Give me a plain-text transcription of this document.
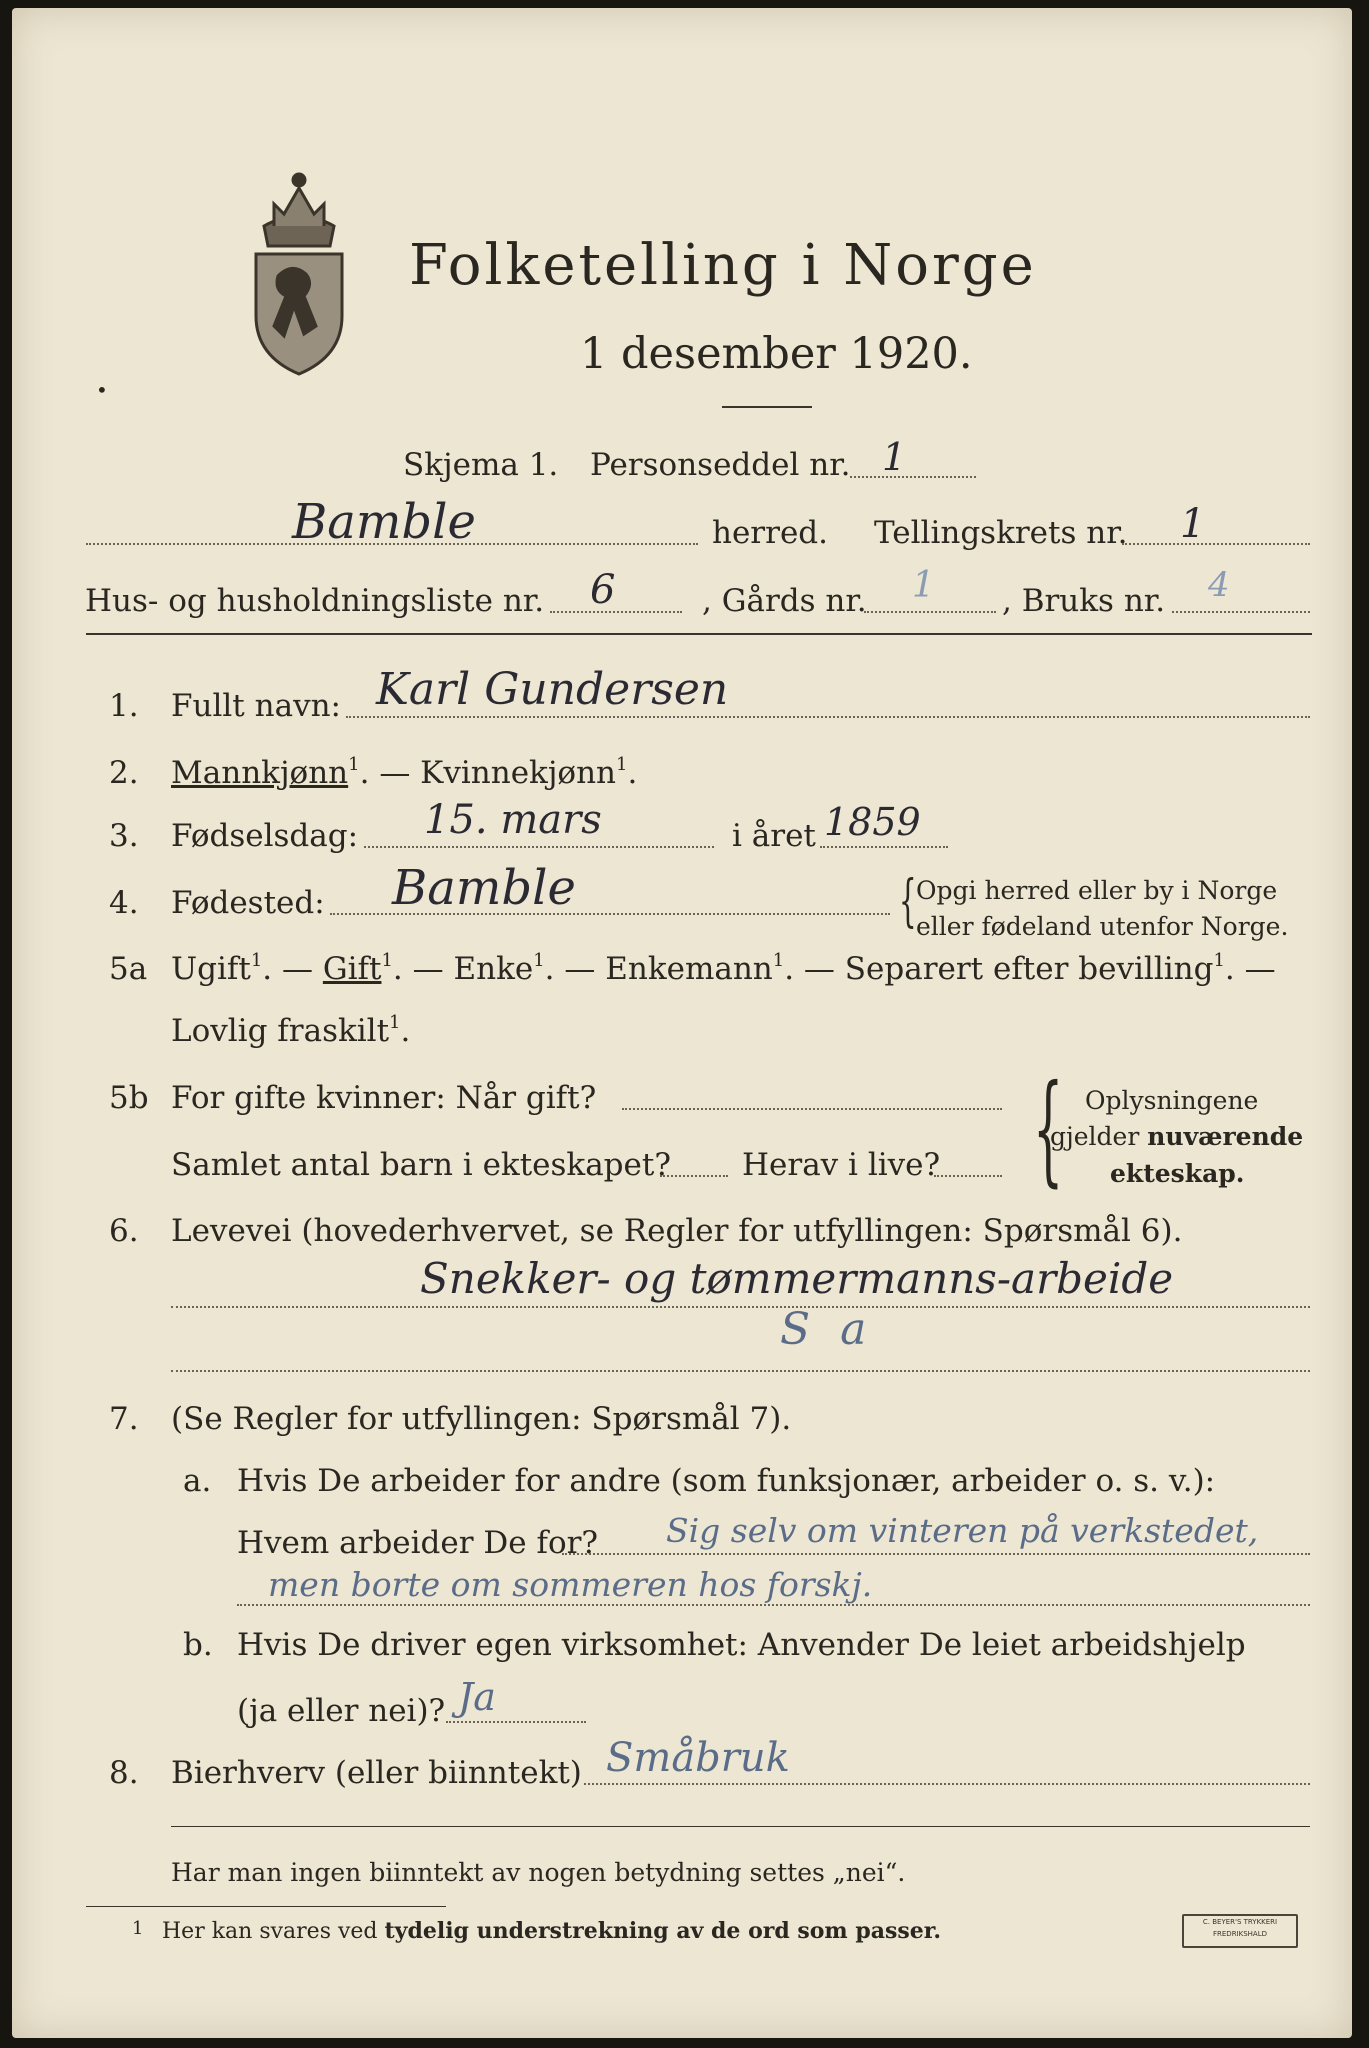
Folketelling i Norge
1 desember 1920.
•
Skjema 1. Personseddel nr. 1
Bamble	herred. Tellingskrets nr. 1
Hus- og husholdningsliste nr. 6	, Gårds nr. 1 , Bruks nr. 4
1. Fullt navn: Karl Gundersen
2. Mannkjønn$^1$. — Kvinnekjønn$^1$.
3. Fødselsdag: 15. mars	i året 1859
4. Fødested: Bamble	{ Opgi herred eller by i Norge
eller fødeland utenfor Norge.
5a Ugift$^1$. — Gift$^1$. — Enke$^1$. — Enkemann$^1$. — Separert efter bevilling$^1$. —
Lovlig fraskilt$^1$.
5b For gifte kvinner: Når gift?
Samlet antal barn i ekteskapet? Herav i live? { Oplysningene
gjelder nuværende
ekteskap.
6. Levevei (hovederhvervet, se Regler for utfyllingen: Spørsmål 6).
Snekker- og tømmermanns-arbeide
S a
7. (Se Regler for utfyllingen: Spørsmål 7).
a. Hvis De arbeider for andre (som funksjonær, arbeider o. s. v.):
Hvem arbeider De for? Sig selv om vinteren på verkstedet,
men borte om sommeren hos forskj.
b. Hvis De driver egen virksomhet: Anvender De leiet arbeidshjelp
(ja eller nei)? Ja
8. Bierhverv (eller biinntekt) Småbruk
Har man ingen biinntekt av nogen betydning settes „nei“.
1 Her kan svares ved tydelig understrekning av de ord som passer.	C. BEYER'S TRYKKERI
FREDRIKSHALD
